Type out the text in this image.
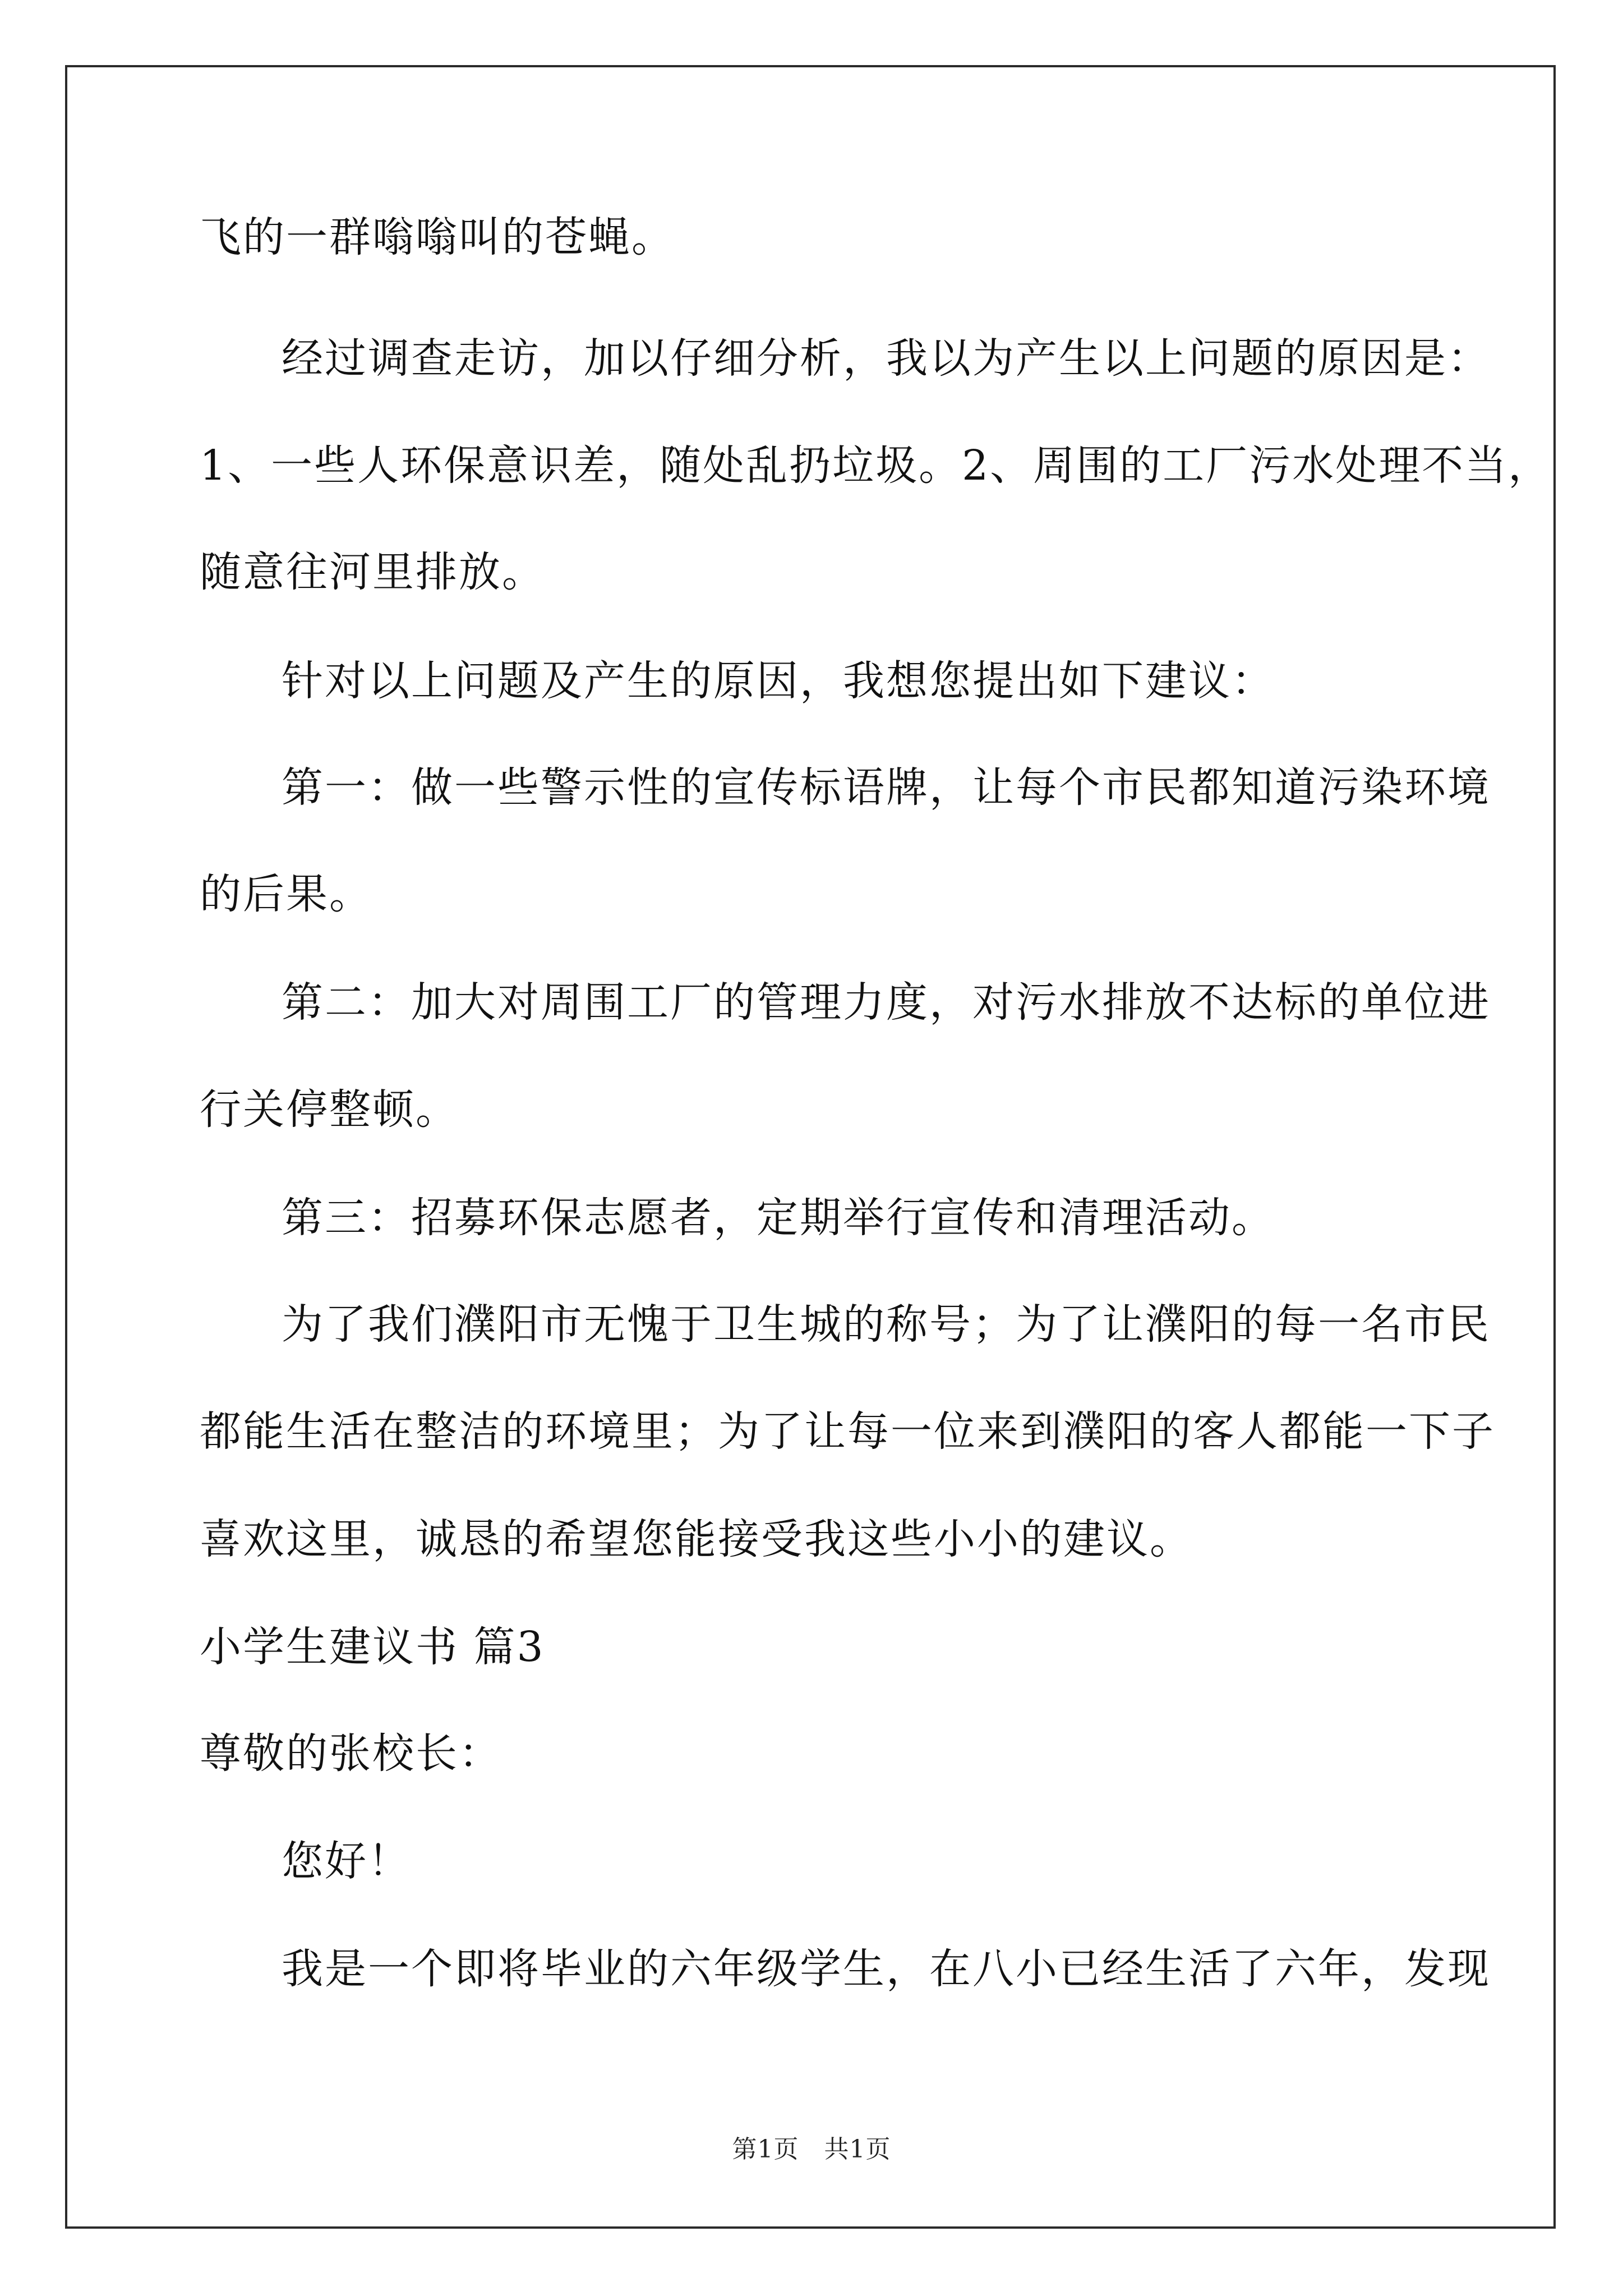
飞的一群嗡嗡叫的苍蝇。
经过调查走访，加以仔细分析，我以为产生以上问题的原因是：
1、一些人环保意识差，随处乱扔垃圾。2、周围的工厂污水处理不当，
随意往河里排放。
针对以上问题及产生的原因，我想您提出如下建议：
第一：做一些警示性的宣传标语牌，让每个市民都知道污染环境
的后果。
第二：加大对周围工厂的管理力度，对污水排放不达标的单位进
行关停整顿。
第三：招募环保志愿者，定期举行宣传和清理活动。
为了我们濮阳市无愧于卫生城的称号；为了让濮阳的每一名市民
都能生活在整洁的环境里；为了让每一位来到濮阳的客人都能一下子
喜欢这里，诚恳的希望您能接受我这些小小的建议。
小学生建议书 篇3
尊敬的张校长：
您好！
我是一个即将毕业的六年级学生，在八小已经生活了六年，发现
第1页　共1页
